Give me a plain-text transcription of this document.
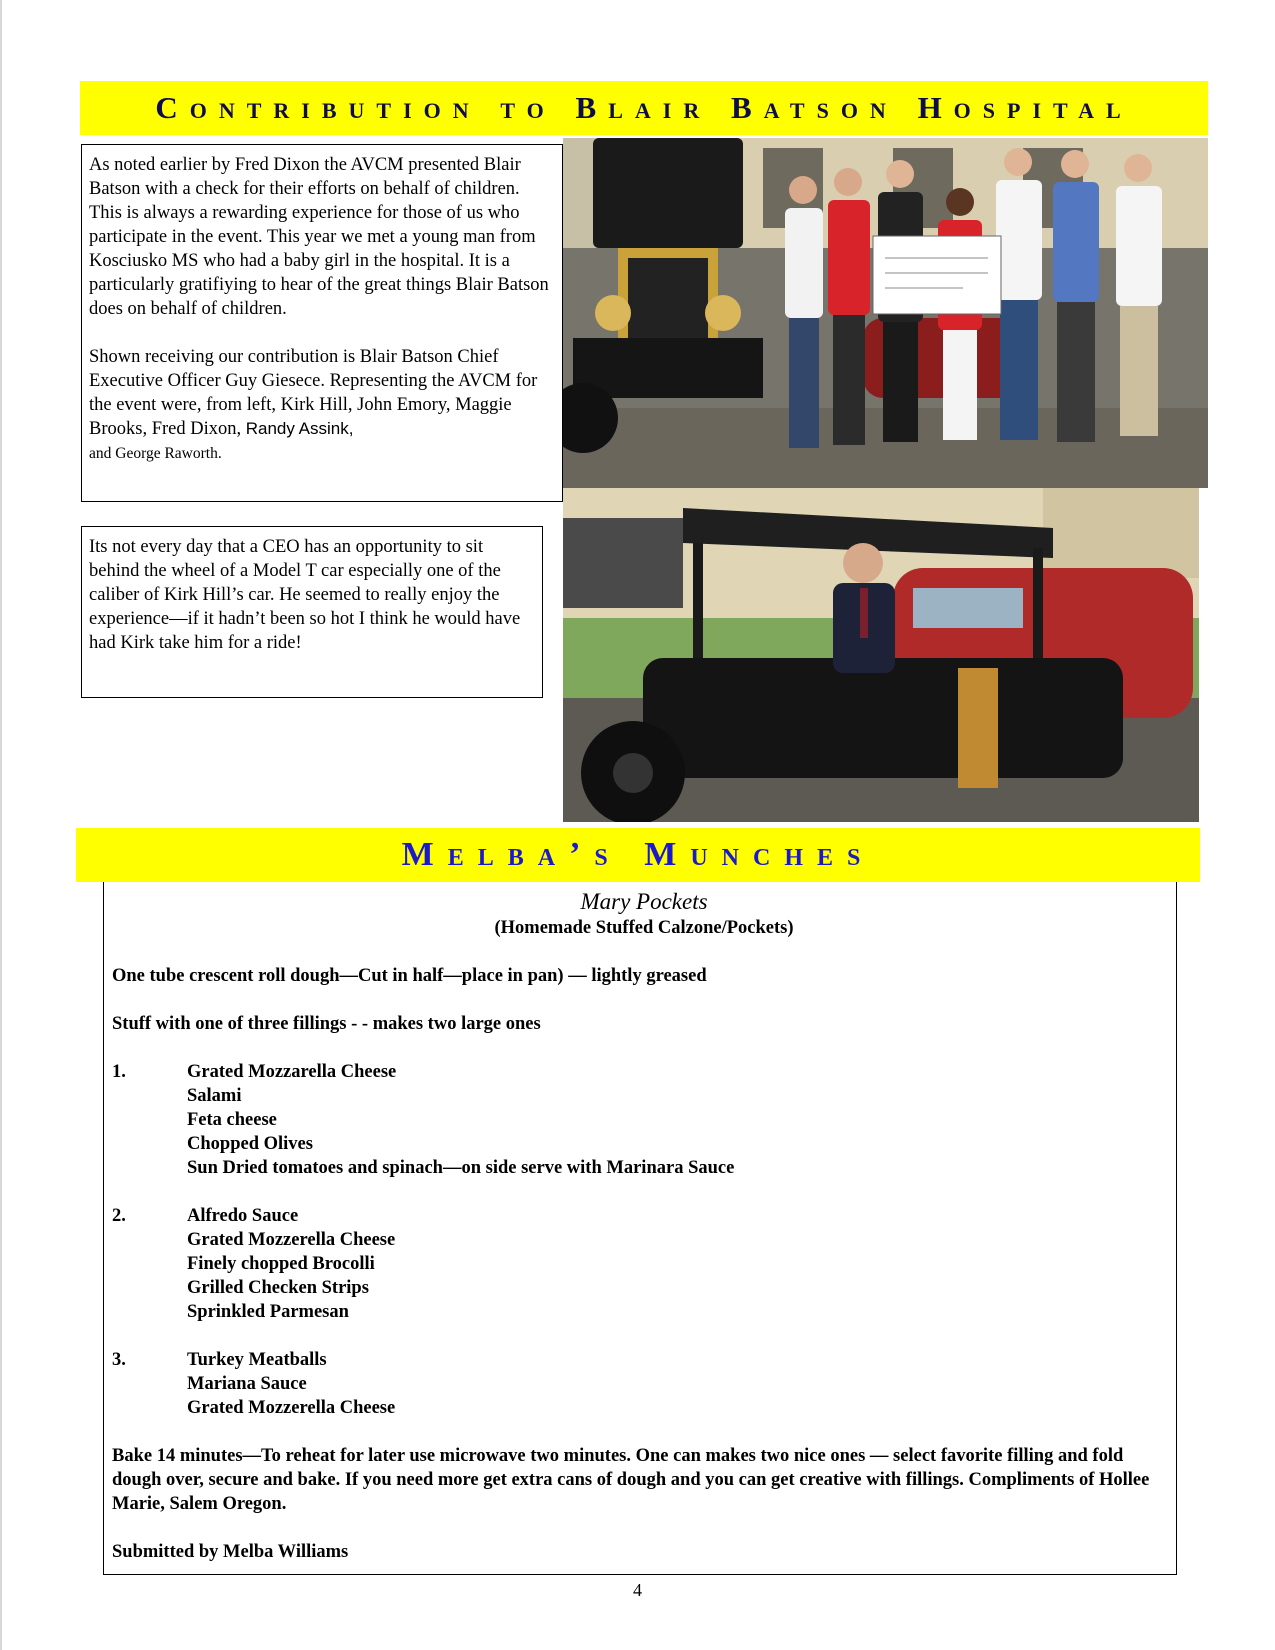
Contribution to Blair Batson Hospital

As noted earlier by Fred Dixon the AVCM presented Blair Batson with a check for their efforts on behalf of children. This is always a rewarding experience for those of us who participate in the event. This year we met a young man from Kosciusko MS who had a baby girl in the hospital. It is a particularly gratifiying to hear of the great things Blair Batson does on behalf of children.

Shown receiving our contribution is Blair Batson Chief Executive Officer Guy Giesece. Representing the AVCM for the event were, from left, Kirk Hill, John Emory, Maggie Brooks, Fred Dixon, Randy Assink,
and George Raworth.

Its not every day that a CEO has an opportunity to sit behind the wheel of a Model T car especially one of the caliber of Kirk Hill’s car. He seemed to really enjoy the experience—if it hadn’t been so hot I think he would have had Kirk take him for a ride!

Melba’s Munches
Mary Pockets
(Homemade Stuffed Calzone/Pockets)
One tube crescent roll dough—Cut in half—place in pan) — lightly greased
Stuff with one of three fillings - - makes two large ones
1.	Grated Mozzarella Cheese
Salami
Feta cheese
Chopped Olives
Sun Dried tomatoes and spinach—on side serve with Marinara Sauce
2.	Alfredo Sauce
Grated Mozzerella Cheese
Finely chopped Brocolli
Grilled Checken Strips
Sprinkled Parmesan
3.	Turkey Meatballs
Mariana Sauce
Grated Mozzerella Cheese
Bake 14 minutes—To reheat for later use microwave two minutes. One can makes two nice ones — select favorite filling and fold dough over, secure and bake. If you need more get extra cans of dough and you can get creative with fillings. Compliments of Hollee Marie, Salem Oregon.
Submitted by Melba Williams
4
